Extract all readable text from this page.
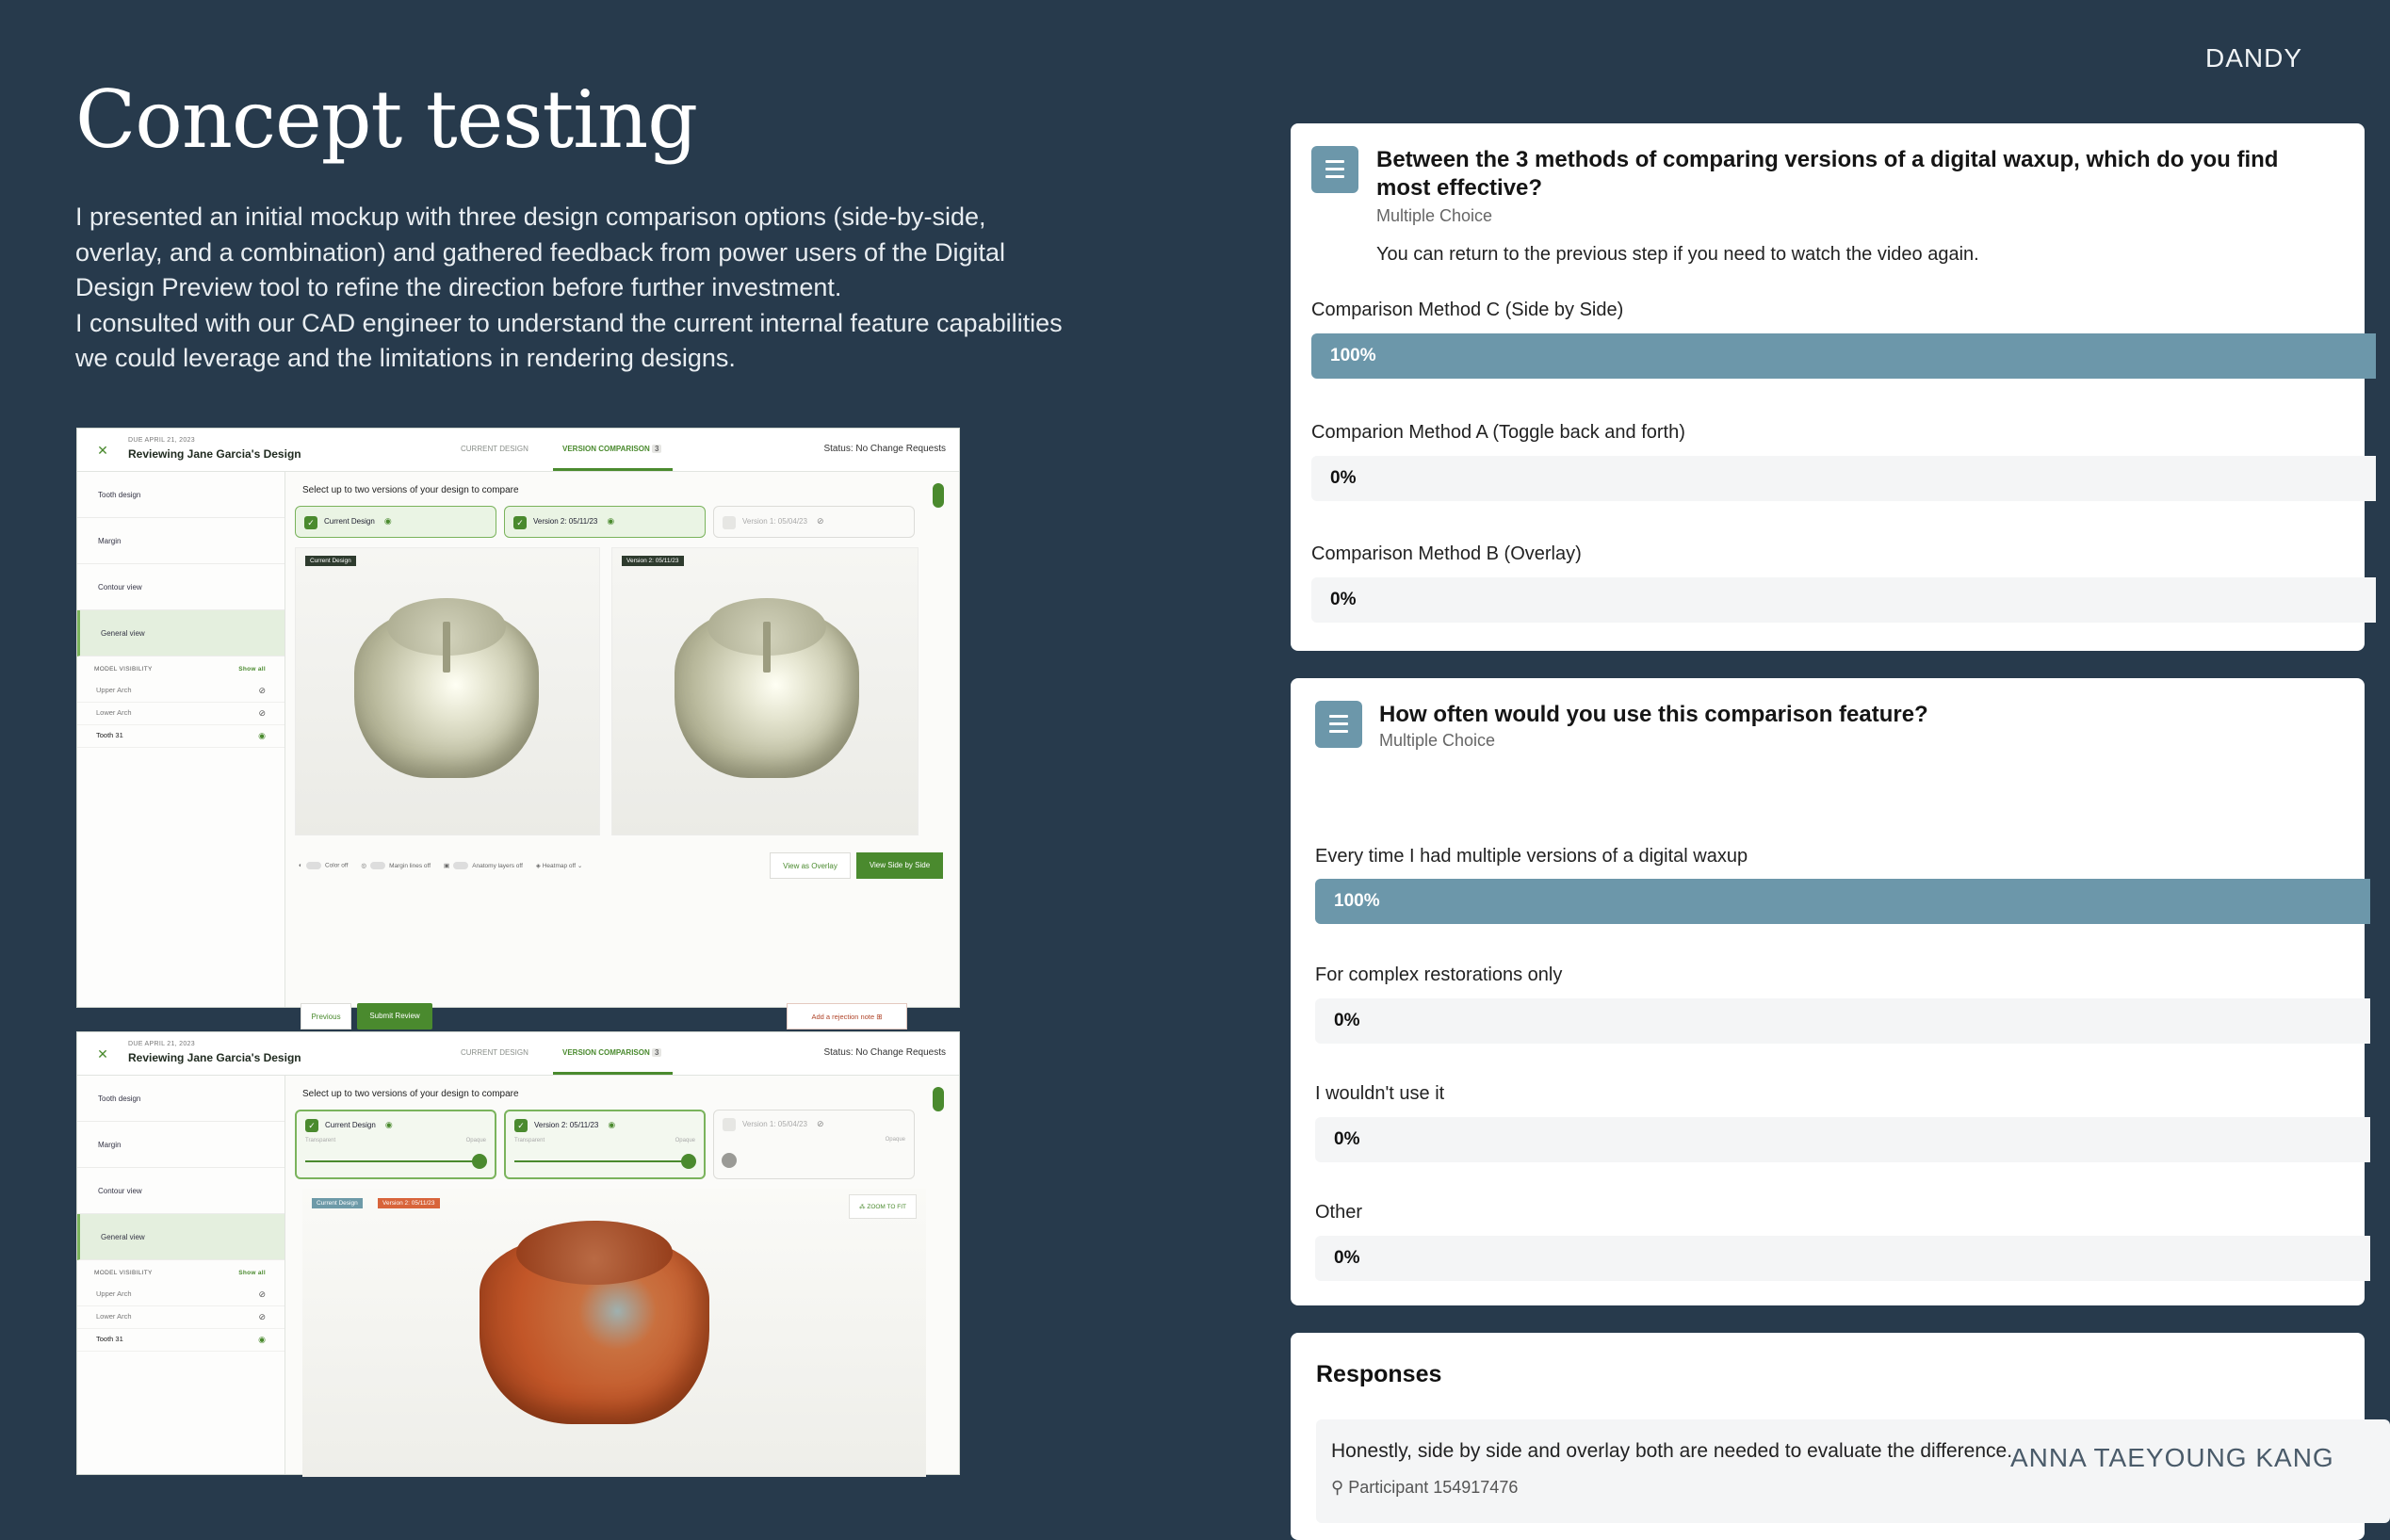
DANDY
Concept testing

I presented an initial mockup with three design comparison options (side-by-side, overlay, and a combination) and gathered feedback from power users of the Digital Design Preview tool to refine the direction before further investment.

I consulted with our CAD engineer to understand the current internal feature capabilities we could leverage and the limitations in rendering designs.

✕
DUE APRIL 21, 2023
Reviewing Jane Garcia's Design	CURRENT DESIGN	VERSION COMPARISON 3	Status: No Change Requests
Tooth design
Margin
Contour view
General view
MODEL VISIBILITY	Show all
Upper Arch	⊘
Lower Arch	⊘
Tooth 31	◉
Select up to two versions of your design to compare
✓	Current Design ◉	✓	Version 2: 05/11/23 ◉	Version 1: 05/04/23 ⊘
Current Design	Version 2: 05/11/23
◐	Color off ◎	Margin lines off ▣	Anatomy layers off ◈ Heatmap off ⌄	View as Overlay	View Side by Side
Previous	Submit Review	Add a rejection note ⊞
✕
DUE APRIL 21, 2023
Reviewing Jane Garcia's Design	CURRENT DESIGN	VERSION COMPARISON 3	Status: No Change Requests
Tooth design
Margin
Contour view
General view
MODEL VISIBILITY	Show all
Upper Arch	⊘
Lower Arch	⊘
Tooth 31	◉
Select up to two versions of your design to compare
✓	Current Design ◉
Transparent	Opaque
✓	Version 2: 05/11/23 ◉
Transparent	Opaque
Version 1: 05/04/23 ⊘
Opaque
Current Design	Version 2: 05/11/23
⁂ ZOOM TO FIT
Between the 3 methods of comparing versions of a digital waxup, which do you find most effective?
Multiple Choice
You can return to the previous step if you need to watch the video again.
Comparison Method C (Side by Side)
100%
Comparion Method A (Toggle back and forth)
0%
Comparison Method B (Overlay)
0%
How often would you use this comparison feature?
Multiple Choice
Every time I had multiple versions of a digital waxup
100%
For complex restorations only
0%
I wouldn't use it
0%
Other
0%
Responses
Honestly, side by side and overlay both are needed to evaluate the difference.
⚲ Participant 154917476
ANNA TAEYOUNG KANG
